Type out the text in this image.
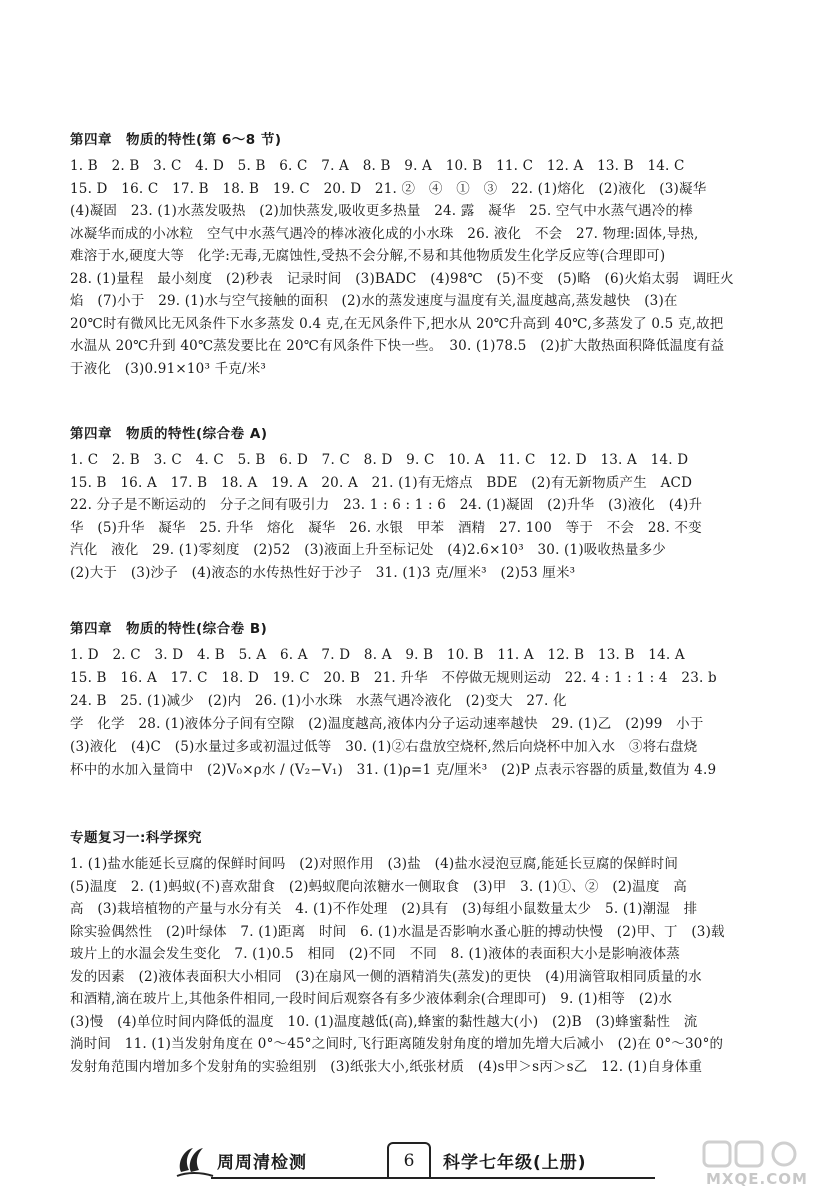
第四章　物质的特性(第 6～8 节)
1. B　2. B　3. C　4. D　5. B　6. C　7. A　8. B　9. A　10. B　11. C　12. A　13. B　14. C
15. D　16. C　17. B　18. B　19. C　20. D　21. ②　④　①　③　22. (1)熔化　(2)液化　(3)凝华
(4)凝固　23. (1)水蒸发吸热　(2)加快蒸发,吸收更多热量　24. 露　凝华　25. 空气中水蒸气遇冷的棒
冰凝华而成的小冰粒　空气中水蒸气遇冷的棒冰液化成的小水珠　26. 液化　不会　27. 物理:固体,导热,
难溶于水,硬度大等　化学:无毒,无腐蚀性,受热不会分解,不易和其他物质发生化学反应等(合理即可)
28. (1)量程　最小刻度　(2)秒表　记录时间　(3)BADC　(4)98℃　(5)不变　(5)略　(6)火焰太弱　调旺火
焰　(7)小于　29. (1)水与空气接触的面积　(2)水的蒸发速度与温度有关,温度越高,蒸发越快　(3)在
20℃时有微风比无风条件下水多蒸发 0.4 克,在无风条件下,把水从 20℃升高到 40℃,多蒸发了 0.5 克,故把
水温从 20℃升到 40℃蒸发要比在 20℃有风条件下快一些。　30. (1)78.5　(2)扩大散热面积降低温度有益
于液化　(3)0.91×10³ 千克/米³
第四章　物质的特性(综合卷 A)
1. C　2. B　3. C　4. C　5. B　6. D　7. C　8. D　9. C　10. A　11. C　12. D　13. A　14. D
15. B　16. A　17. B　18. A　19. A　20. A　21. (1)有无熔点　BDE　(2)有无新物质产生　ACD
22. 分子是不断运动的　分子之间有吸引力　23. 1 : 6 : 1 : 6　24. (1)凝固　(2)升华　(3)液化　(4)升
华　(5)升华　凝华　25. 升华　熔化　凝华　26. 水银　甲苯　酒精　27. 100　等于　不会　28. 不变
汽化　液化　29. (1)零刻度　(2)52　(3)液面上升至标记处　(4)2.6×10³　30. (1)吸收热量多少
(2)大于　(3)沙子　(4)液态的水传热性好于沙子　31. (1)3 克/厘米³　(2)53 厘米³
第四章　物质的特性(综合卷 B)
1. D　2. C　3. D　4. B　5. A　6. A　7. D　8. A　9. B　10. B　11. A　12. B　13. B　14. A
15. B　16. A　17. C　18. D　19. C　20. B　21. 升华　不停做无规则运动　22. 4 : 1 : 1 : 4　23. b
24. B　25. (1)减少　(2)内　26. (1)小水珠　水蒸气遇冷液化　(2)变大　27. 化
学　化学　28. (1)液体分子间有空隙　(2)温度越高,液体内分子运动速率越快　29. (1)乙　(2)99　小于
(3)液化　(4)C　(5)水量过多或初温过低等　30. (1)②右盘放空烧杯,然后向烧杯中加入水　③将右盘烧
杯中的水加入量筒中　(2)V₀×ρ水 / (V₂−V₁)　31. (1)ρ=1 克/厘米³　(2)P 点表示容器的质量,数值为 4.9
专题复习一:科学探究
1. (1)盐水能延长豆腐的保鲜时间吗　(2)对照作用　(3)盐　(4)盐水浸泡豆腐,能延长豆腐的保鲜时间
(5)温度　2. (1)蚂蚁(不)喜欢甜食　(2)蚂蚁爬向浓糖水一侧取食　(3)甲　3. (1)①、②　(2)温度　高
高　(3)栽培植物的产量与水分有关　4. (1)不作处理　(2)具有　(3)每组小鼠数量太少　5. (1)潮湿　排
除实验偶然性　(2)叶绿体　7. (1)距离　时间　6. (1)水温是否影响水蚤心脏的搏动快慢　(2)甲、丁　(3)载
玻片上的水温会发生变化　7. (1)0.5　相同　(2)不同　不同　8. (1)液体的表面积大小是影响液体蒸
发的因素　(2)液体表面积大小相同　(3)在扇风一侧的酒精消失(蒸发)的更快　(4)用滴管取相同质量的水
和酒精,滴在玻片上,其他条件相同,一段时间后观察各有多少液体剩余(合理即可)　9. (1)相等　(2)水
(3)慢　(4)单位时间内降低的温度　10. (1)温度越低(高),蜂蜜的黏性越大(小)　(2)B　(3)蜂蜜黏性　流
淌时间　11. (1)当发射角度在 0°～45°之间时,飞行距离随发射角度的增加先增大后减小　(2)在 0°～30°的
发射角范围内增加多个发射角的实验组别　(3)纸张大小,纸张材质　(4)s甲＞s丙＞s乙　12. (1)自身体重
周周清检测	6	科学七年级(上册)
MXQE.COM
